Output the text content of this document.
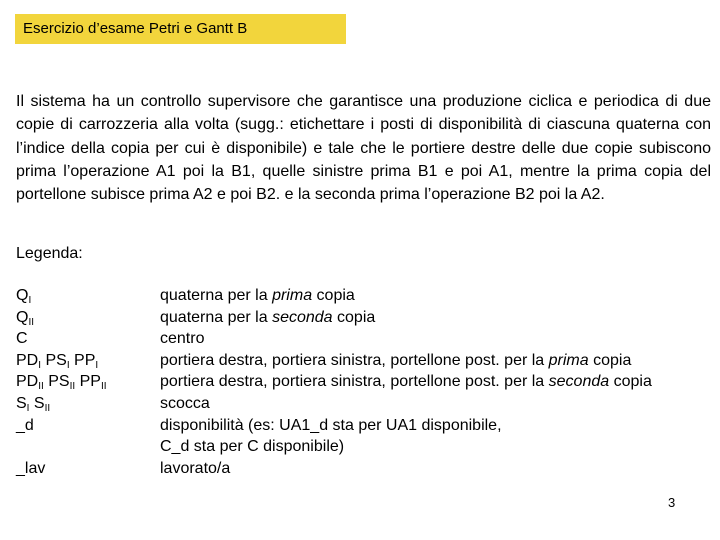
Esercizio d’esame Petri e Gantt B

Il sistema ha un controllo supervisore che garantisce una produzione ciclica e periodica di due copie di carrozzeria alla volta (sugg.: etichettare i posti di disponibilità di ciascuna quaterna con l’indice della copia per cui è disponibile) e tale che le portiere destre delle due copie subiscono prima l’operazione A1 poi la B1, quelle sinistre prima B1 e poi A1, mentre la prima copia del portellone subisce prima A2 e poi B2. e la seconda prima l’operazione B2 poi la A2.

Legenda:
$Q_I$
$Q_{II}$
C
$PD_I$ $PS_I$ $PP_I$
$PD_{II}$ $PS_{II}$ $PP_{II}$
$S_I$ $S_{II}$
_d
_lav
quaterna per la prima copia
quaterna per la seconda copia
centro
portiera destra, portiera sinistra, portellone post. per la prima copia
portiera destra, portiera sinistra, portellone post. per la seconda copia
scocca
disponibilità (es: UA1_d sta per UA1 disponibile,
C_d sta per C disponibile)
lavorato/a
3
